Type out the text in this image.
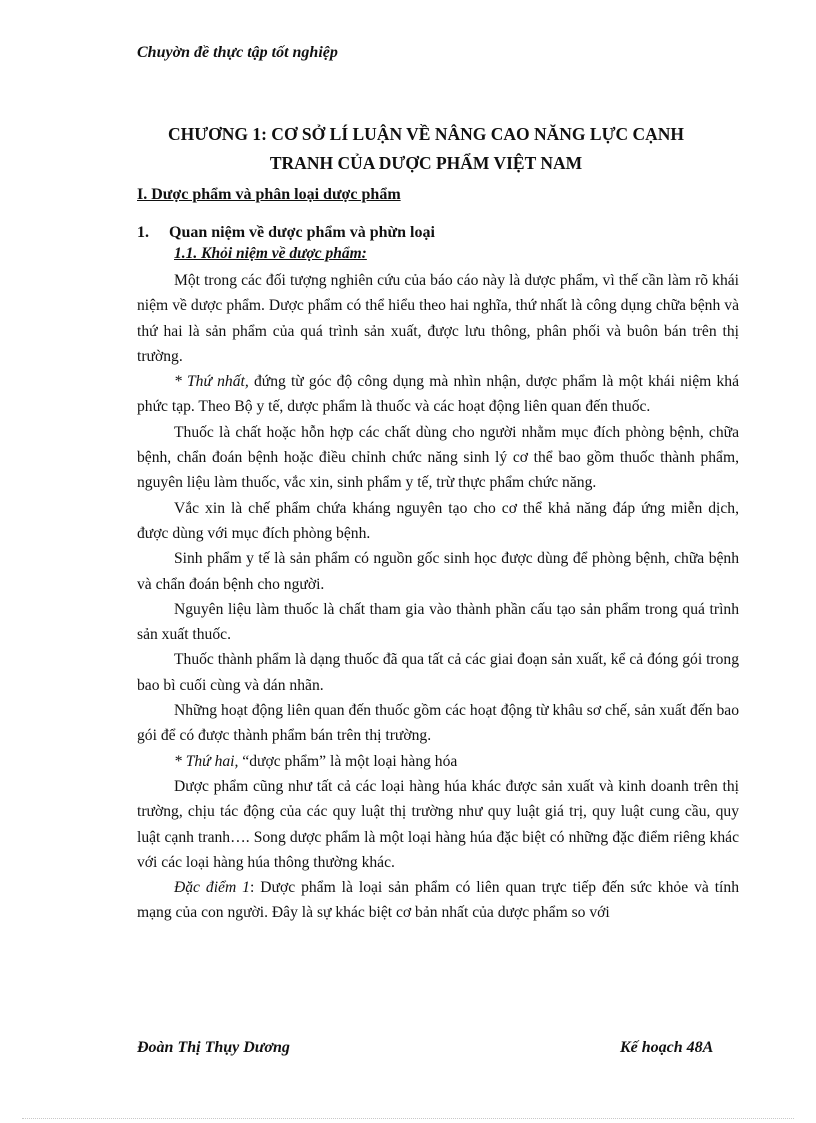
Chuyờn đề thực tập tốt nghiệp
CHƯƠNG 1: CƠ SỞ LÍ LUẬN VỀ NÂNG CAO NĂNG LỰC CẠNH
TRANH CỦA DƯỢC PHẨM VIỆT NAM
I. Dược phẩm và phân loại dược phẩm
1. Quan niệm về dược phẩm và phừn loại
1.1. Khỏi niệm về dược phẩm:

Một trong các đối tượng nghiên cứu của báo cáo này là dược phẩm, vì thế cần làm rõ khái niệm về dược phẩm. Dược phẩm có thể hiểu theo hai nghĩa, thứ nhất là công dụng chữa bệnh và thứ hai là sản phẩm của quá trình sản xuất, được lưu thông, phân phối và buôn bán trên thị trường.

* Thứ nhất, đứng từ góc độ công dụng mà nhìn nhận, dược phẩm là một khái niệm khá phức tạp. Theo Bộ y tế, dược phẩm là thuốc và các hoạt động liên quan đến thuốc.

Thuốc là chất hoặc hỗn hợp các chất dùng cho người nhằm mục đích phòng bệnh, chữa bệnh, chẩn đoán bệnh hoặc điều chỉnh chức năng sinh lý cơ thể bao gồm thuốc thành phẩm, nguyên liệu làm thuốc, vắc xin, sinh phẩm y tế, trừ thực phẩm chức năng.

Vắc xin là chế phẩm chứa kháng nguyên tạo cho cơ thể khả năng đáp ứng miễn dịch, được dùng với mục đích phòng bệnh.

Sinh phẩm y tế là sản phẩm có nguồn gốc sinh học được dùng để phòng bệnh, chữa bệnh và chẩn đoán bệnh cho người.

Nguyên liệu làm thuốc là chất tham gia vào thành phần cấu tạo sản phẩm trong quá trình sản xuất thuốc.

Thuốc thành phẩm là dạng thuốc đã qua tất cả các giai đoạn sản xuất, kể cả đóng gói trong bao bì cuối cùng và dán nhãn.

Những hoạt động liên quan đến thuốc gồm các hoạt động từ khâu sơ chế, sản xuất đến bao gói để có được thành phẩm bán trên thị trường.

* Thứ hai, “dược phẩm” là một loại hàng hóa

Dược phẩm cũng như tất cả các loại hàng húa khác được sản xuất và kinh doanh trên thị trường, chịu tác động của các quy luật thị trường như quy luật giá trị, quy luật cung cầu, quy luật cạnh tranh…. Song dược phẩm là một loại hàng húa đặc biệt có những đặc điểm riêng khác với các loại hàng húa thông thường khác.

Đặc điểm 1: Dược phẩm là loại sản phẩm có liên quan trực tiếp đến sức khỏe và tính mạng của con người. Đây là sự khác biệt cơ bản nhất của dược phẩm so với

Đoàn Thị Thụy Dương	Kế hoạch 48A
